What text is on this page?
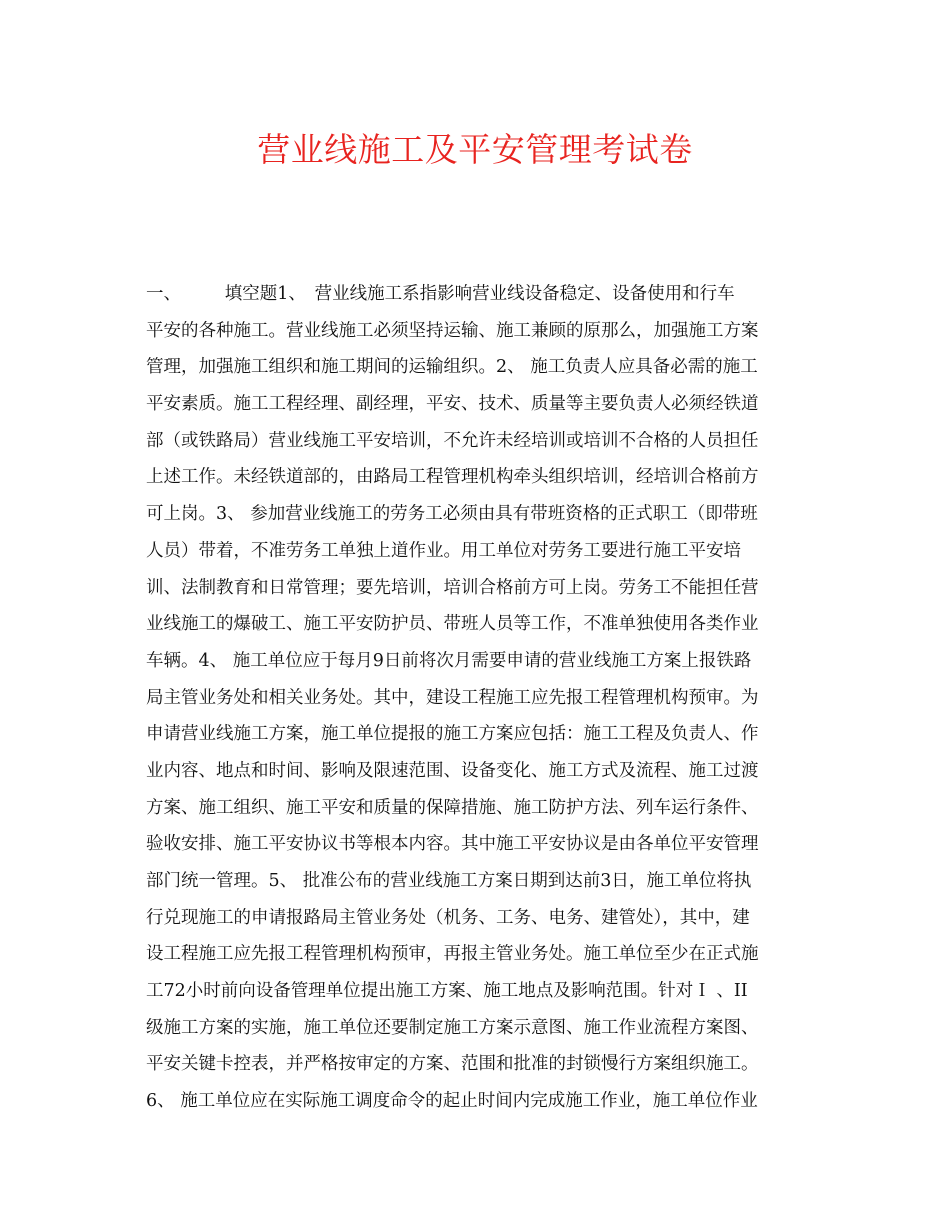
营业线施工及平安管理考试卷
一、　　　填空题1、　营业线施工系指影响营业线设备稳定、设备使用和行车
平安的各种施工。营业线施工必须坚持运输、施工兼顾的原那么，加强施工方案
管理，加强施工组织和施工期间的运输组织。2、 施工负责人应具备必需的施工
平安素质。施工工程经理、副经理，平安、技术、质量等主要负责人必须经铁道
部（或铁路局）营业线施工平安培训，不允许未经培训或培训不合格的人员担任
上述工作。未经铁道部的，由路局工程管理机构牵头组织培训，经培训合格前方
可上岗。3、 参加营业线施工的劳务工必须由具有带班资格的正式职工（即带班
人员）带着，不准劳务工单独上道作业。用工单位对劳务工要进行施工平安培
训、法制教育和日常管理；要先培训，培训合格前方可上岗。劳务工不能担任营
业线施工的爆破工、施工平安防护员、带班人员等工作，不准单独使用各类作业
车辆。4、 施工单位应于每月9日前将次月需要申请的营业线施工方案上报铁路
局主管业务处和相关业务处。其中，建设工程施工应先报工程管理机构预审。为
申请营业线施工方案，施工单位提报的施工方案应包括：施工工程及负责人、作
业内容、地点和时间、影响及限速范围、设备变化、施工方式及流程、施工过渡
方案、施工组织、施工平安和质量的保障措施、施工防护方法、列车运行条件、
验收安排、施工平安协议书等根本内容。其中施工平安协议是由各单位平安管理
部门统一管理。5、 批准公布的营业线施工方案日期到达前3日，施工单位将执
行兑现施工的申请报路局主管业务处（机务、工务、电务、建管处），其中，建
设工程施工应先报工程管理机构预审，再报主管业务处。施工单位至少在正式施
工72小时前向设备管理单位提出施工方案、施工地点及影响范围。针对Ｉ 、II
级施工方案的实施，施工单位还要制定施工方案示意图、施工作业流程方案图、
平安关键卡控表，并严格按审定的方案、范围和批准的封锁慢行方案组织施工。
6、 施工单位应在实际施工调度命令的起止时间内完成施工作业，施工单位作业
